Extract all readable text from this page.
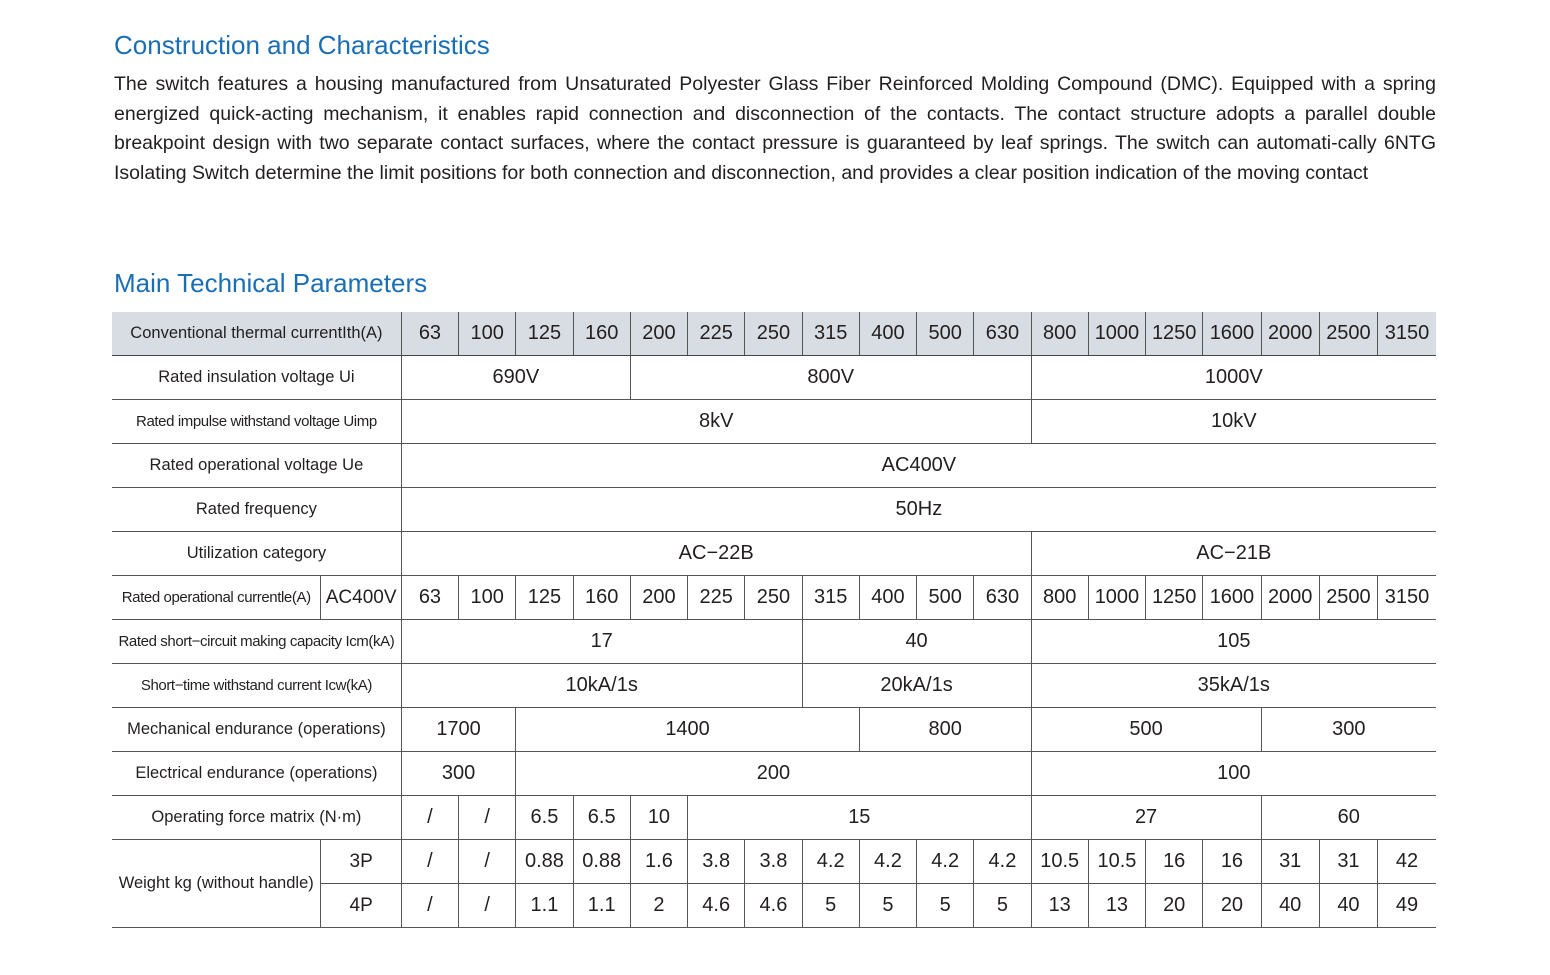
Construction and Characteristics
The switch features a housing manufactured from Unsaturated Polyester Glass Fiber Reinforced Molding Compound (DMC). Equipped with a spring energized quick-acting mechanism, it enables rapid connection and disconnection of the contacts. The contact structure adopts a parallel double breakpoint design with two separate contact surfaces, where the contact pressure is guaranteed by leaf springs. The switch can automati-cally 6NTG Isolating Switch determine the limit positions for both connection and disconnection, and provides a clear position indication of the moving contact
Main Technical Parameters
Conventional thermal currentIth(A)		63	100	125	160	200	225	250	315	400	500	630	800	1000	1250	1600	2000	2500	3150
Rated insulation voltage Ui		690V				800V							1000V						
Rated impulse withstand voltage Uimp		8kV											10kV						
Rated operational voltage Ue		AC400V																	
Rated frequency		50Hz																	
Utilization category		AC−22B											AC−21B						
Rated operational currentle(A)	AC400V	63	100	125	160	200	225	250	315	400	500	630	800	1000	1250	1600	2000	2500	3150
Rated short−circuit making capacity Icm(kA)		17							40				105						
Short−time withstand current Icw(kA)		10kA/1s							20kA/1s				35kA/1s						
Mechanical endurance (operations)		1700		1400						800			500				300		
Electrical endurance (operations)		300		200									100						
Operating force matrix (N·m)		/	/	6.5	6.5	10	15						27				60		
Weight kg (without handle)	3P	/	/	0.88	0.88	1.6	3.8	3.8	4.2	4.2	4.2	4.2	10.5	10.5	16	16	31	31	42
	4P	/	/	1.1	1.1	2	4.6	4.6	5	5	5	5	13	13	20	20	40	40	49
